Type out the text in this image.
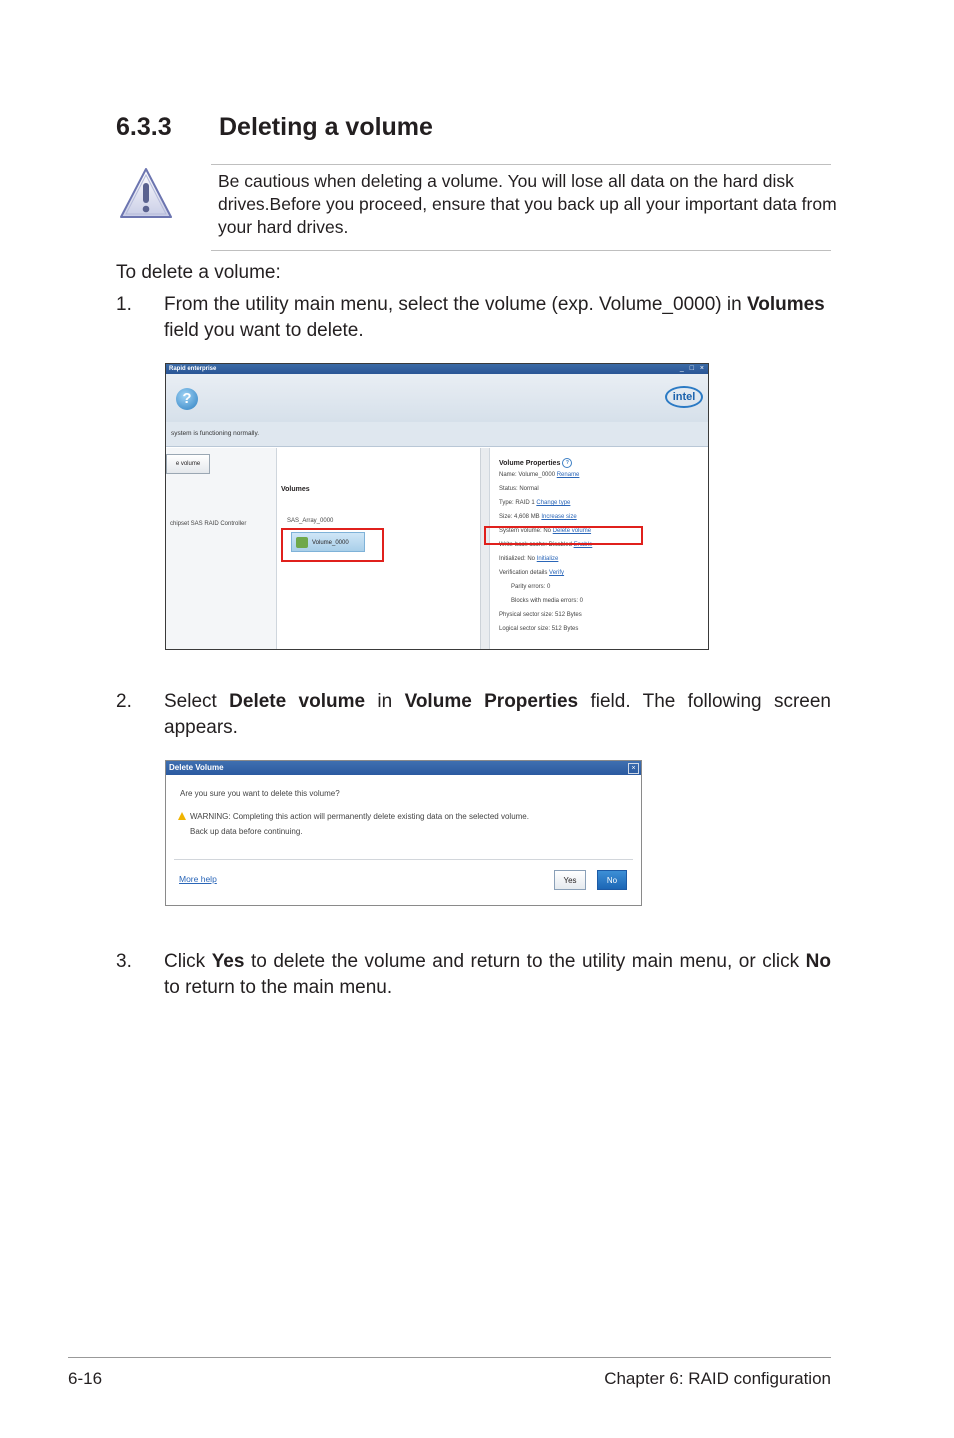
6.3.3 Deleting a volume
Be cautious when deleting a volume. You will lose all data on the hard disk drives.Before you proceed, ensure that you back up all your important data from your hard drives.
To delete a volume:
1. From the utility main menu, select the volume (exp. Volume_0000) in Volumes field you want to delete.
Rapid enterprise	_ □ ×
?	intel
system is functioning normally.
e volume
chipset SAS RAID Controller
Volumes
SAS_Array_0000
Volume_0000
Volume Properties ?
Name: Volume_0000 Rename
Status: Normal
Type: RAID 1 Change type
Size: 4,608 MB Increase size
System volume: No Delete volume
Write-back cache: Disabled Enable
Initialized: No Initialize
Verification details Verify
Parity errors: 0
Blocks with media errors: 0
Physical sector size: 512 Bytes
Logical sector size: 512 Bytes
2. Select Delete volume in Volume Properties field. The following screen appears.
Delete Volume	×
Are you sure you want to delete this volume?
WARNING: Completing this action will permanently delete existing data on the selected volume.
Back up data before continuing.
More help	Yes	No
3. Click Yes to delete the volume and return to the utility main menu, or click No to return to the main menu.
6-16	Chapter 6: RAID configuration
